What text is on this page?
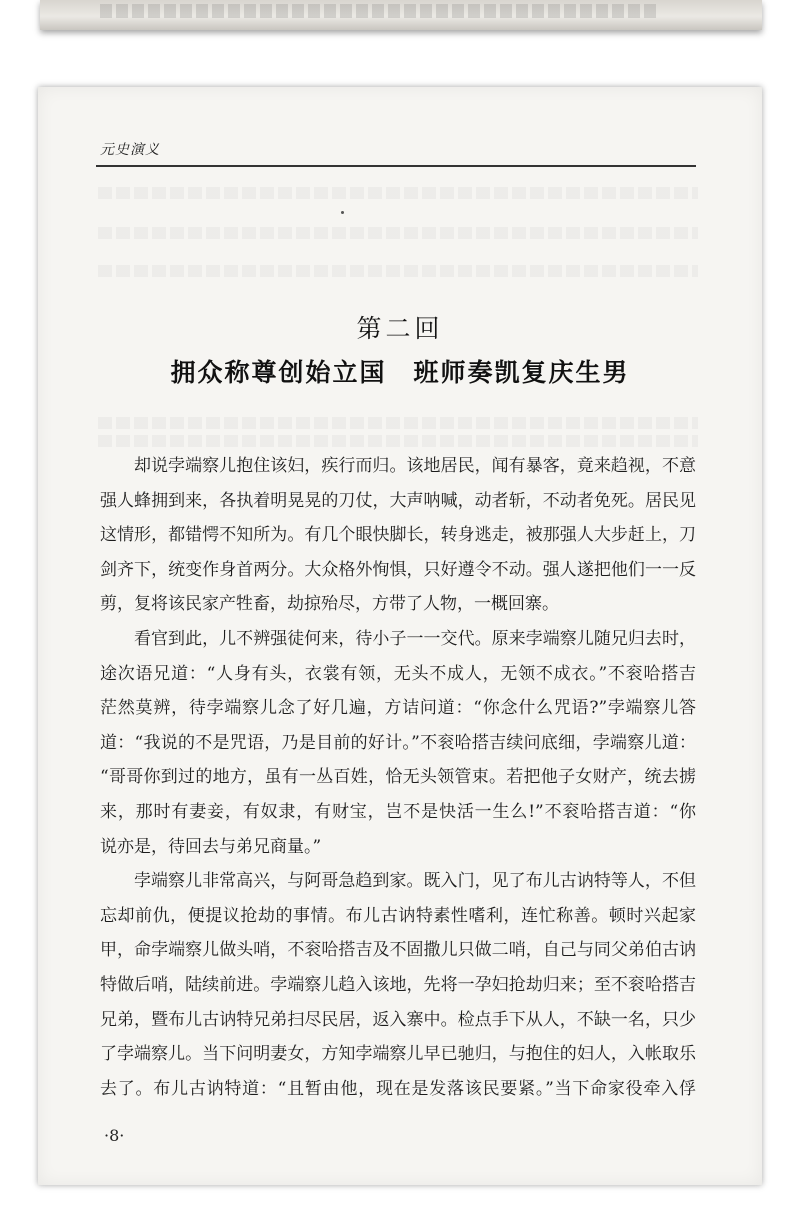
元史演义
第二回
拥众称尊创始立国　班师奏凯复庆生男
却说孛端察儿抱住该妇，疾行而归。该地居民，闻有暴客，竟来趋视，不意
强人蜂拥到来，各执着明晃晃的刀仗，大声呐喊，动者斩，不动者免死。居民见
这情形，都错愕不知所为。有几个眼快脚长，转身逃走，被那强人大步赶上，刀
剑齐下，统变作身首两分。大众格外恂惧，只好遵令不动。强人遂把他们一一反
剪，复将该民家产牲畜，劫掠殆尽，方带了人物，一概回寨。
看官到此，儿不辨强徒何来，待小子一一交代。原来孛端察儿随兄归去时，
途次语兄道：“人身有头，衣裳有领，无头不成人，无领不成衣。”不衮哈搭吉
茫然莫辨，待孛端察儿念了好几遍，方诘问道：“你念什么咒语?”孛端察儿答
道：“我说的不是咒语，乃是目前的好计。”不衮哈搭吉续问底细，孛端察儿道：
“哥哥你到过的地方，虽有一丛百姓，恰无头领管束。若把他子女财产，统去掳
来，那时有妻妾，有奴隶，有财宝，岂不是快活一生么!”不衮哈搭吉道：“你
说亦是，待回去与弟兄商量。”
孛端察儿非常高兴，与阿哥急趋到家。既入门，见了布儿古讷特等人，不但
忘却前仇，便提议抢劫的事情。布儿古讷特素性嗜利，连忙称善。顿时兴起家
甲，命孛端察儿做头哨，不衮哈搭吉及不固撒儿只做二哨，自己与同父弟伯古讷
特做后哨，陆续前进。孛端察儿趋入该地，先将一孕妇抢劫归来；至不衮哈搭吉
兄弟，暨布儿古讷特兄弟扫尽民居，返入寨中。检点手下从人，不缺一名，只少
了孛端察儿。当下问明妻女，方知孛端察儿早已驰归，与抱住的妇人，入帐取乐
去了。布儿古讷特道：“且暂由他，现在是发落该民要紧。”当下命家役牵入俘
·8·
